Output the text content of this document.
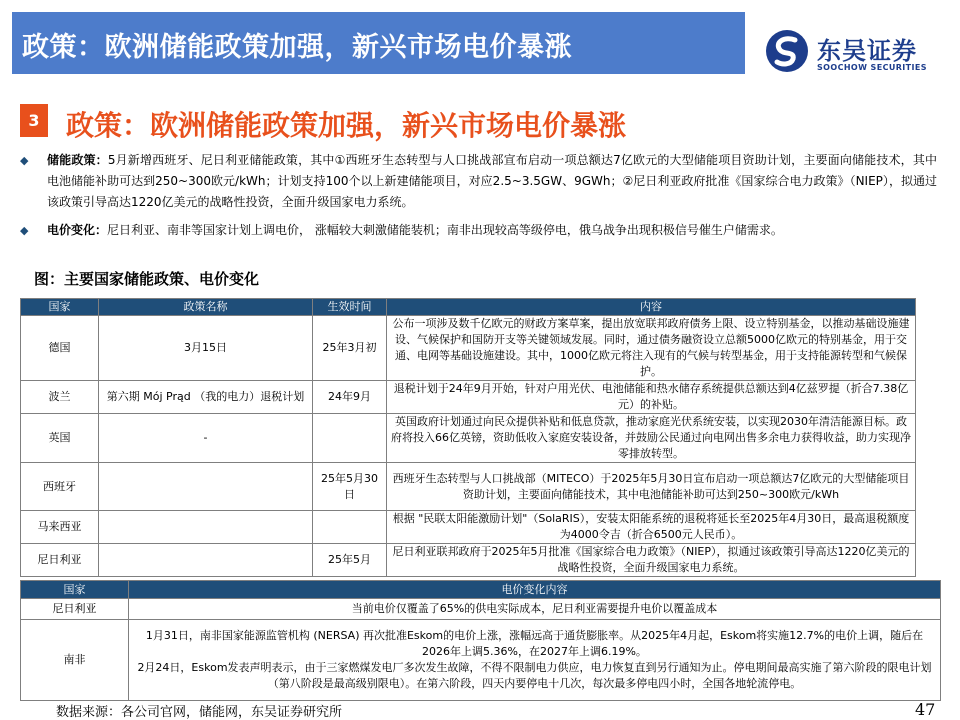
政策：欧洲储能政策加强，新兴市场电价暴涨	东吴证券
SOOCHOW SECURITIES
3 政策：欧洲储能政策加强，新兴市场电价暴涨
◆ 储能政策：5月新增西班牙、尼日利亚储能政策，其中①西班牙生态转型与人口挑战部宣布启动一项总额达7亿欧元的大型储能项目资助计划，主要面向储能技术，其中电池储能补助可达到250~300欧元/kWh；计划支持100个以上新建储能项目，对应2.5~3.5GW、9GWh；②尼日利亚政府批准《国家综合电力政策》（NIEP），拟通过该政策引导高达1220亿美元的战略性投资，全面升级国家电力系统。
◆ 电价变化：尼日利亚、南非等国家计划上调电价， 涨幅较大刺激储能装机；南非出现较高等级停电，俄乌战争出现积极信号催生户储需求。
图：主要国家储能政策、电价变化
国家	政策名称	生效时间	内容
德国	3月15日	25年3月初	公布一项涉及数千亿欧元的财政方案草案，提出放宽联邦政府债务上限、设立特别基金，以推动基础设施建设、气候保护和国防开支等关键领域发展。同时，通过债务融资设立总额5000亿欧元的特别基金，用于交通、电网等基础设施建设。其中，1000亿欧元将注入现有的气候与转型基金，用于支持能源转型和气候保护。
波兰	第六期 Mój Prąd （我的电力）退税计划	24年9月	退税计划于24年9月开始，针对户用光伏、电池储能和热水储存系统提供总额达到4亿兹罗提（折合7.38亿元）的补贴。
英国	-		英国政府计划通过向民众提供补贴和低息贷款，推动家庭光伏系统安装，以实现2030年清洁能源目标。政府将投入66亿英镑，资助低收入家庭安装设备，并鼓励公民通过向电网出售多余电力获得收益，助力实现净零排放转型。
西班牙		25年5月30日	西班牙生态转型与人口挑战部（MITECO）于2025年5月30日宣布启动一项总额达7亿欧元的大型储能项目资助计划，主要面向储能技术，其中电池储能补助可达到250~300欧元/kWh
马来西亚			根据 "民联太阳能激励计划"（SolaRIS），安装太阳能系统的退税将延长至2025年4月30日，最高退税额度为4000令吉（折合6500元人民币）。
尼日利亚		25年5月	尼日利亚联邦政府于2025年5月批准《国家综合电力政策》（NIEP），拟通过该政策引导高达1220亿美元的战略性投资，全面升级国家电力系统。
国家	电价变化内容
尼日利亚	当前电价仅覆盖了65%的供电实际成本，尼日利亚需要提升电价以覆盖成本
南非	1月31日，南非国家能源监管机构 (NERSA) 再次批准Eskom的电价上涨，涨幅远高于通货膨胀率。从2025年4月起，Eskom将实施12.7%的电价上调，随后在2026年上调5.36%，在2027年上调6.19%。
2月24日，Eskom发表声明表示，由于三家燃煤发电厂多次发生故障，不得不限制电力供应，电力恢复直到另行通知为止。停电期间最高实施了第六阶段的限电计划（第八阶段是最高级别限电）。在第六阶段，四天内要停电十几次，每次最多停电四小时，全国各地轮流停电。
数据来源：各公司官网，储能网，东吴证券研究所	47
